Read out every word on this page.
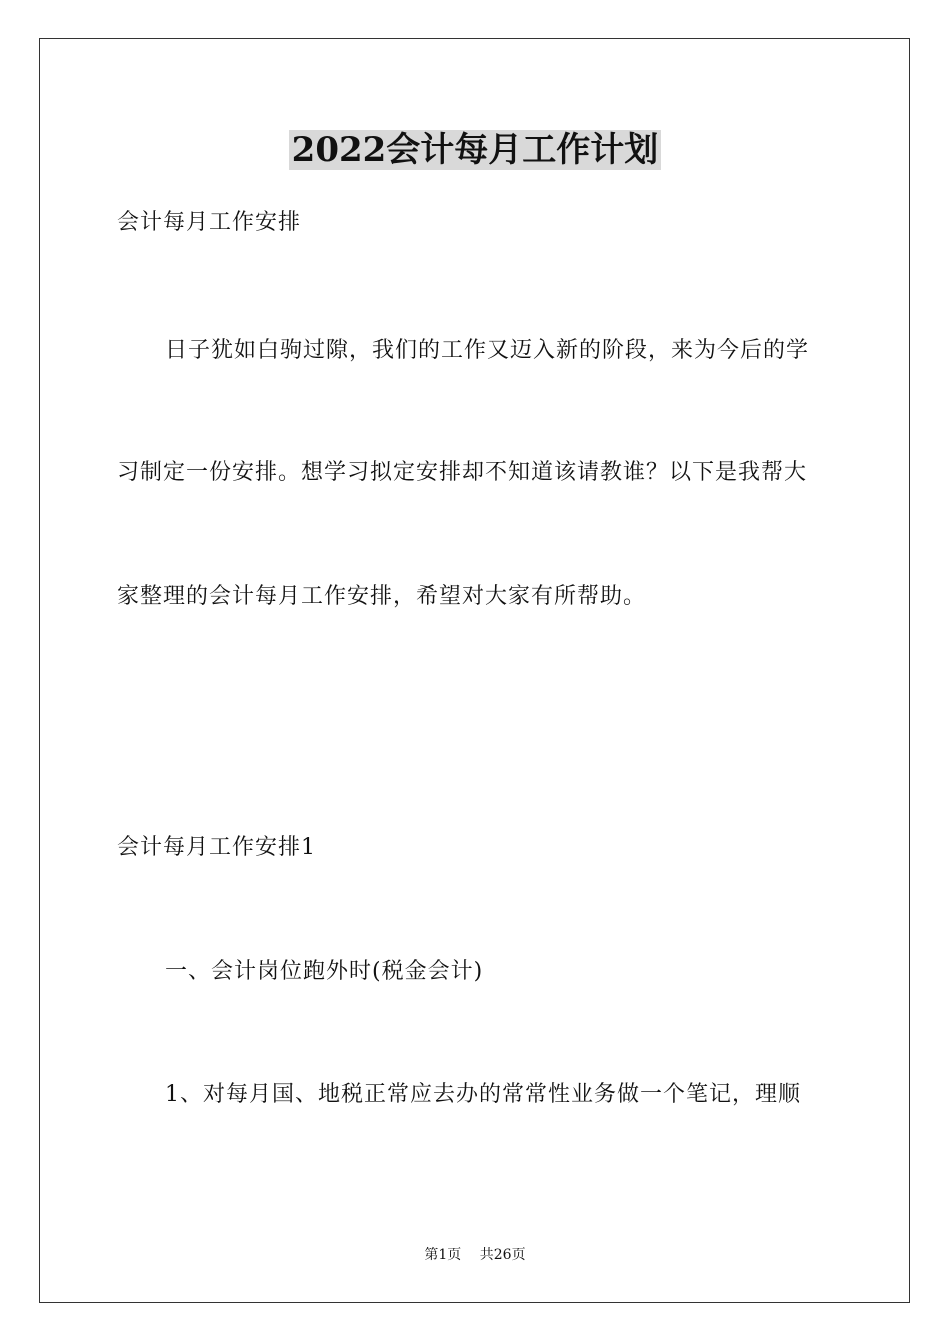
2022会计每月工作计划
会计每月工作安排
日子犹如白驹过隙，我们的工作又迈入新的阶段，来为今后的学
习制定一份安排。想学习拟定安排却不知道该请教谁？以下是我帮大
家整理的会计每月工作安排，希望对大家有所帮助。
会计每月工作安排1
一、会计岗位跑外时(税金会计)
1、对每月国、地税正常应去办的常常性业务做一个笔记，理顺
第1页 共26页
